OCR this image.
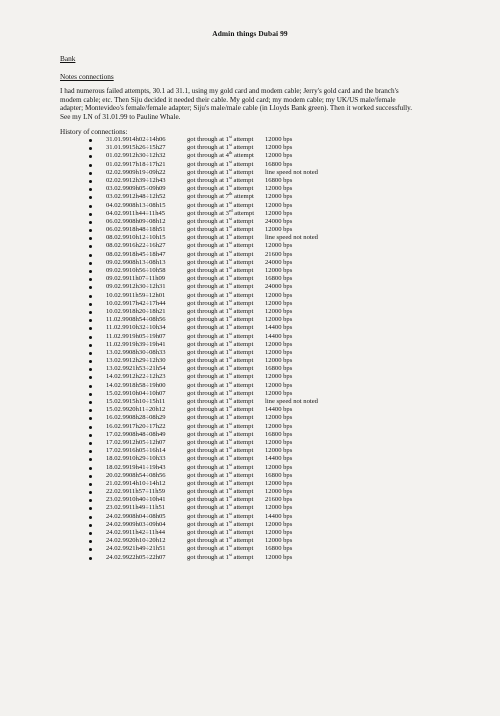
Admin things Dubai 99
Bank
Notes connections
I had numerous failed attempts, 30.1 ad 31.1, using my gold card and modem cable; Jerry's gold card and the branch's
modem cable; etc. Then Siju decided it needed their cable. My gold card; my modem cable; my UK/US male/female
adapter; Montevideo's female/female adapter; Siju's male/male cable (in Lloyds Bank green). Then it worked successfully.
See my LN of 31.01.99 to Pauline Whale.
History of connections:
31.01.99 14h02÷14h06	got through at 1st attempt 12000 bps
31.01.99 15h26÷15h27	got through at 1st attempt 12000 bps
01.02.99 12h30÷12h32	got through at 4th attempt 12000 bps
01.02.99 17h18÷17h21	got through at 1st attempt 16800 bps
02.02.99 09h19÷09h22	got through at 1st attempt line speed not noted
02.02.99 12h39÷12h43	got through at 1st attempt 16800 bps
03.02.99 09h05÷09h09	got through at 1st attempt 12000 bps
03.02.99 12h48÷12h52	got through at 7th attempt 12000 bps
04.02.99 08h13÷08h15	got through at 1st attempt 12000 bps
04.02.99 11h44÷11h45	got through at 3rd attempt 12000 bps
06.02.99 08h09÷08h12	got through at 1st attempt 24000 bps
06.02.99 18h48÷18h51	got through at 1st attempt 12000 bps
08.02.99 10h12÷10h15	got through at 1st attempt line speed not noted
08.02.99 16h22÷16h27	got through at 1st attempt 12000 bps
08.02.99 18h45÷18h47	got through at 1st attempt 21600 bps
09.02.99 08h13÷08h13	got through at 1st attempt 24000 bps
09.02.99 10h56÷10h58	got through at 1st attempt 12000 bps
09.02.99 11h07÷11h09	got through at 1st attempt 16800 bps
09.02.99 12h30÷12h31	got through at 1st attempt 24000 bps
10.02.99 11h59÷12h01	got through at 1st attempt 12000 bps
10.02.99 17h42÷17h44	got through at 1st attempt 12000 bps
10.02.99 18h20÷18h21	got through at 1st attempt 12000 bps
11.02.99 08h54÷08h56	got through at 1st attempt 12000 bps
11.02.99 10h32÷10h34	got through at 1st attempt 14400 bps
11.02.99 19h05÷19h07	got through at 1st attempt 14400 bps
11.02.99 19h39÷19h41	got through at 1st attempt 12000 bps
13.02.99 08h30÷08h33	got through at 1st attempt 12000 bps
13.02.99 12h29÷12h30	got through at 1st attempt 12000 bps
13.02.99 21h53÷21h54	got through at 1st attempt 16800 bps
14.02.99 12h22÷12h23	got through at 1st attempt 12000 bps
14.02.99 18h58÷19h00	got through at 1st attempt 12000 bps
15.02.99 10h04÷10h07	got through at 1st attempt 12000 bps
15.02.99 15h10÷15h11	got through at 1st attempt line speed not noted
15.02.99 20h11÷20h12	got through at 1st attempt 14400 bps
16.02.99 08h28÷08h29	got through at 1st attempt 12000 bps
16.02.99 17h20÷17h22	got through at 1st attempt 12000 bps
17.02.99 08h48÷08h49	got through at 1st attempt 16800 bps
17.02.99 12h05÷12h07	got through at 1st attempt 12000 bps
17.02.99 16h05÷16h14	got through at 1st attempt 12000 bps
18.02.99 10h29÷10h33	got through at 1st attempt 14400 bps
18.02.99 19h41÷19h43	got through at 1st attempt 12000 bps
20.02.99 08h54÷08h56	got through at 1st attempt 16800 bps
21.02.99 14h10÷14h12	got through at 1st attempt 12000 bps
22.02.99 11h57÷11h59	got through at 1st attempt 12000 bps
23.02.99 10h40÷10h41	got through at 1st attempt 21600 bps
23.02.99 11h49÷11h51	got through at 1st attempt 12000 bps
24.02.99 08h04÷08h05	got through at 1st attempt 14400 bps
24.02.99 09h03÷09h04	got through at 1st attempt 12000 bps
24.02.99 11h42÷11h44	got through at 1st attempt 12000 bps
24.02.99 20h10÷20h12	got through at 1st attempt 12000 bps
24.02.99 21h49÷21h51	got through at 1st attempt 16800 bps
24.02.99 22h05÷22h07	got through at 1st attempt 12000 bps
